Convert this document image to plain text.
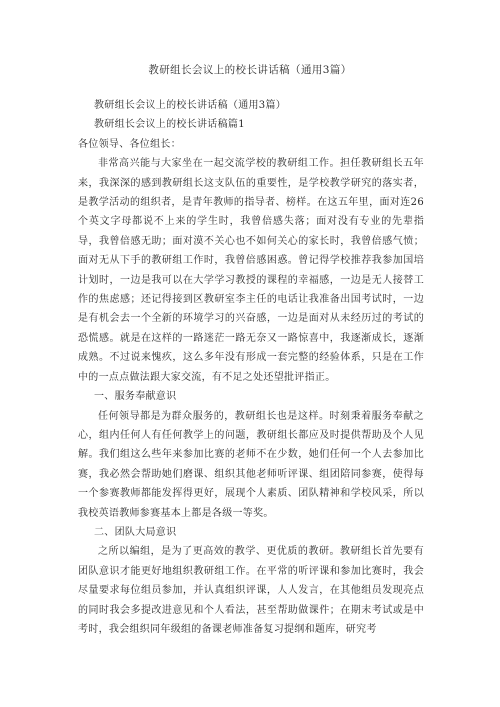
教研组长会议上的校长讲话稿（通用3篇）

教研组长会议上的校长讲话稿（通用3篇）

教研组长会议上的校长讲话稿篇1

各位领导、各位组长：

非常高兴能与大家坐在一起交流学校的教研组工作。担任教研组长五年来，我深深的感到教研组长这支队伍的重要性，是学校教学研究的落实者，是教学活动的组织者，是青年教师的指导者、榜样。在这五年里，面对连26个英文字母都说不上来的学生时，我曾倍感失落；面对没有专业的先辈指导，我曾倍感无助；面对漠不关心也不如何关心的家长时，我曾倍感气愤；面对无从下手的教研组工作时，我曾倍感困惑。曾记得学校推荐我参加国培计划时，一边是我可以在大学学习教授的课程的幸福感，一边是无人接替工作的焦虑感；还记得接到区教研室李主任的电话让我准备出国考试时，一边是有机会去一个全新的环境学习的兴奋感，一边是面对从未经历过的考试的恐慌感。就是在这样的一路迷茫一路无奈又一路惊喜中，我逐渐成长，逐渐成熟。不过说来愧疚，这么多年没有形成一套完整的经验体系，只是在工作中的一点点做法跟大家交流，有不足之处还望批评指正。

一、服务奉献意识

任何领导都是为群众服务的，教研组长也是这样。时刻秉着服务奉献之心，组内任何人有任何教学上的问题，教研组长都应及时提供帮助及个人见解。我们组这么些年来参加比赛的老师不在少数，她们任何一个人去参加比赛，我必然会帮助她们磨课、组织其他老师听评课、组团陪同参赛，使得每一个参赛教师都能发挥得更好，展现个人素质、团队精神和学校风采，所以我校英语教师参赛基本上都是各级一等奖。

二、团队大局意识

之所以编组，是为了更高效的教学、更优质的教研。教研组长首先要有团队意识才能更好地组织教研组工作。在平常的听评课和参加比赛时，我会尽量要求每位组员参加，并认真组织评课，人人发言，在其他组员发现亮点的同时我会多提改进意见和个人看法，甚至帮助做课件；在期末考试或是中考时，我会组织同年级组的备课老师准备复习提纲和题库，研究考
